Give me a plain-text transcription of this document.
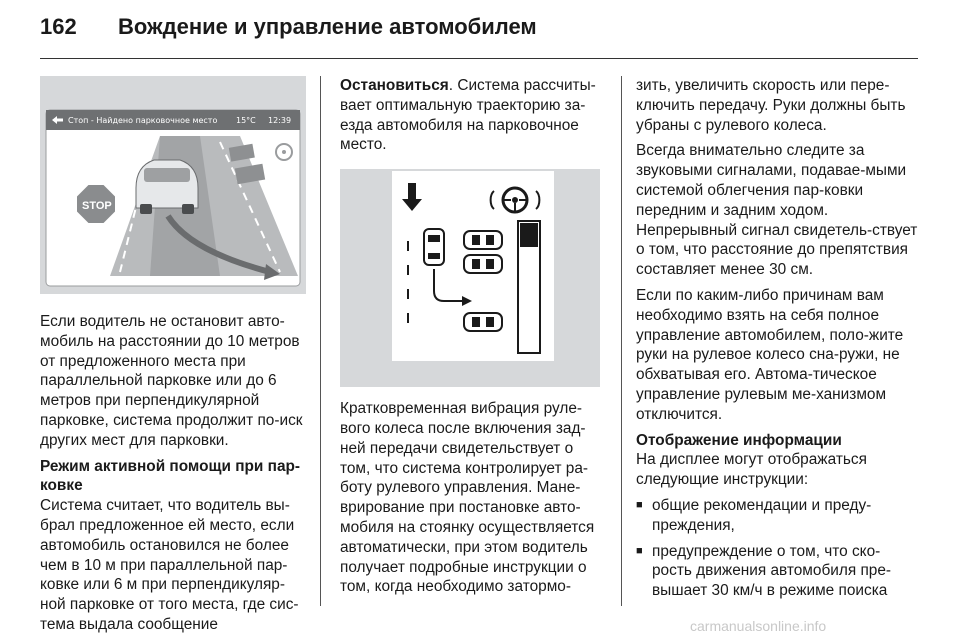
162 Вождение и управление автомобилем
Стоп - Найдено парковочное место 15°C 12:39
STOP

Если водитель не остановит авто-мобиль на расстоянии до 10 метров от предложенного места при параллельной парковке или до 6 метров при перпендикулярной парковке, система продолжит по-иск других мест для парковки.

Режим активной помощи при пар-ковке

Система считает, что водитель вы-брал предложенное ей место, если автомобиль остановился не более чем в 10 м при параллельной пар-ковке или 6 м при перпендикуляр-ной парковке от того места, где сис-тема выдала сообщение

Остановиться. Система рассчиты-вает оптимальную траекторию за-езда автомобиля на парковочное место.

Кратковременная вибрация руле-вого колеса после включения зад-ней передачи свидетельствует о том, что система контролирует ра-боту рулевого управления. Мане-врирование при постановке авто-мобиля на стоянку осуществляется автоматически, при этом водитель получает подробные инструкции о том, когда необходимо затормо-

зить, увеличить скорость или пере-ключить передачу. Руки должны быть убраны с рулевого колеса.

Всегда внимательно следите за звуковыми сигналами, подавае-мыми системой облегчения пар-ковки передним и задним ходом. Непрерывный сигнал свидетель-ствует о том, что расстояние до препятствия составляет менее 30 см.

Если по каким-либо причинам вам необходимо взять на себя полное управление автомобилем, поло-жите руки на рулевое колесо сна-ружи, не обхватывая его. Автома-тическое управление рулевым ме-ханизмом отключится.

Отображение информации

На дисплее могут отображаться следующие инструкции:

■ общие рекомендации и преду-преждения,
■ предупреждение о том, что ско-рость движения автомобиля пре-вышает 30 км/ч в режиме поиска
carmanualsonline.info
